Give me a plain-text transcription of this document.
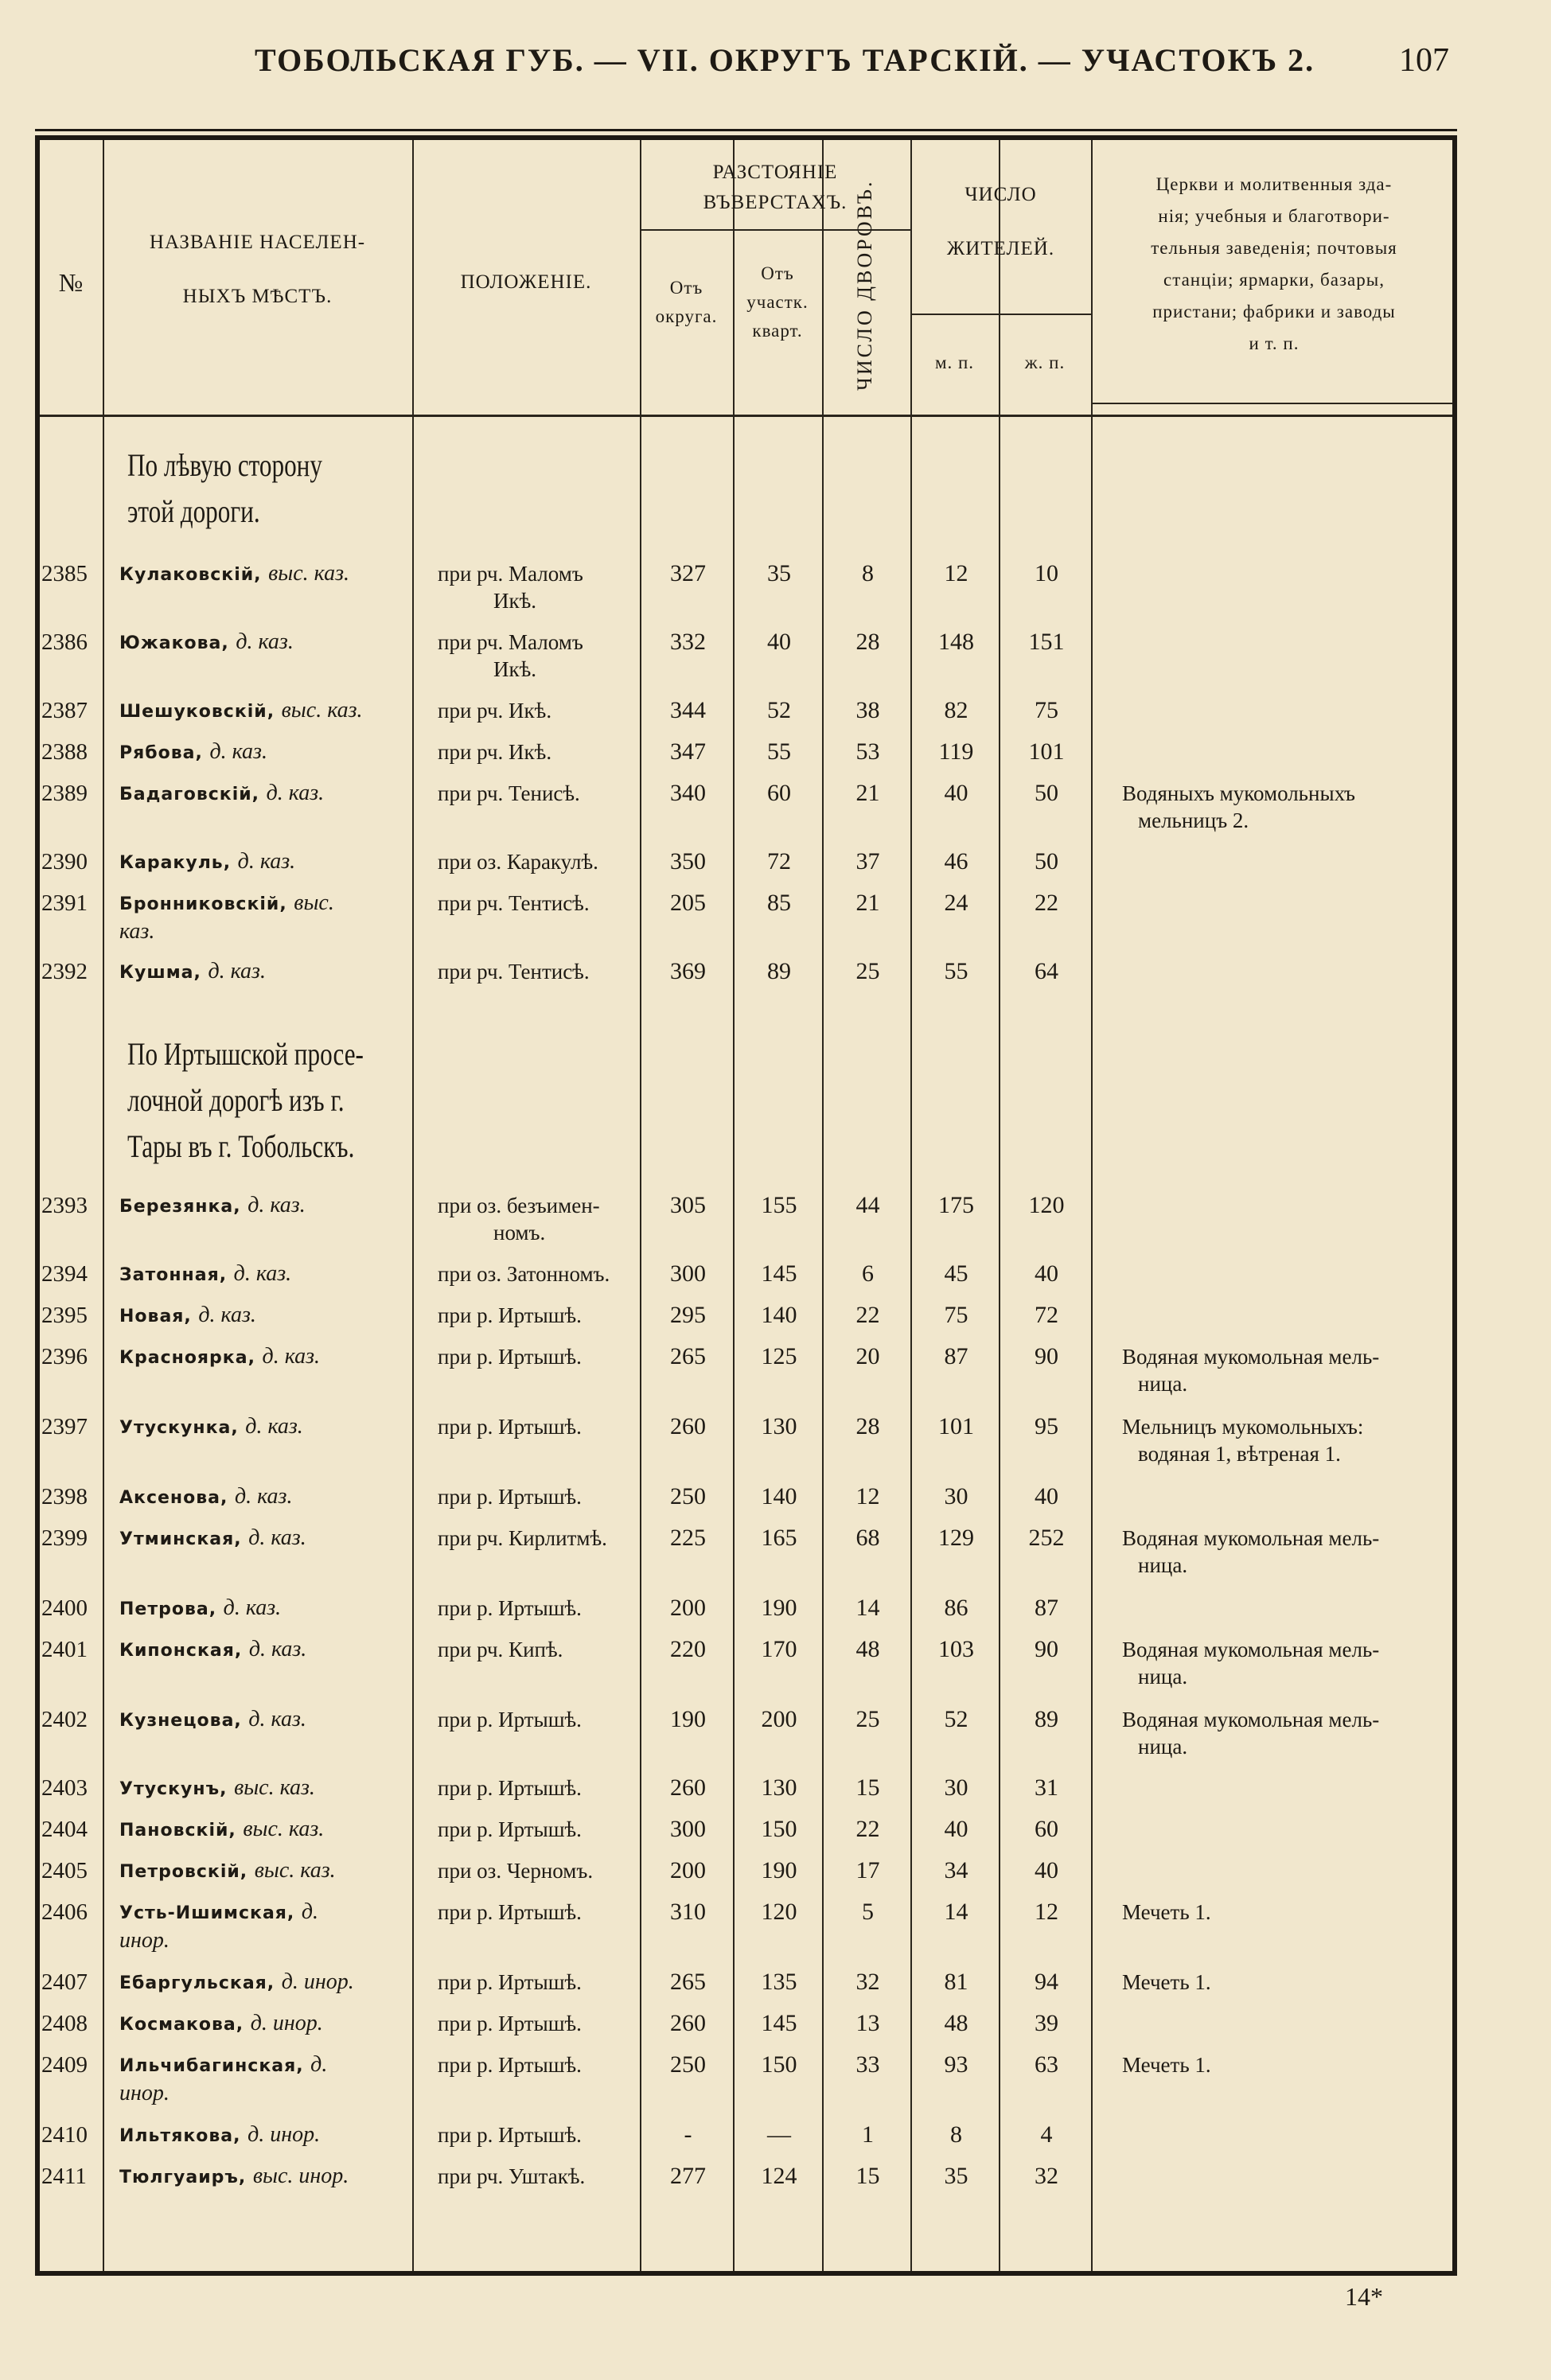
ТОБОЛЬСКАЯ ГУБ. — VII. ОКРУГЪ ТАРСКІЙ. — УЧАСТОКЪ 2.	107
№
НАЗВАНІЕ НАСЕЛЕН-
НЫХЪ МѢСТЪ.
ПОЛОЖЕНІЕ.
РАЗСТОЯНІЕ
ВЪВЕРСТАХЪ.
Отъ
округа.
Отъ
участк.
кварт.	ЧИСЛО ДВОРОВЪ.	ЧИСЛО
ЖИТЕЛЕЙ.
м. п.	ж. п.
Церкви и молитвенныя зда-
нія; учебныя и благотвори-
тельныя заведенія; почтовыя
станціи; ярмарки, базары,
пристани; фабрики и заводы
и т. п.
По лѣвую сторону
этой дороги.
По Иртышской просе-
лочной дорогѣ изъ г.
Тары въ г. Тобольскъ.
2385	Кулаковскій, выс. каз.	при рч. Маломъ
Икѣ.
327	35	8	12	10
2386	Южакова, д. каз.	при рч. Маломъ
Икѣ.
332	40	28	148	151
2387	Шешуковскій, выс. каз.	при рч. Икѣ.	344	52	38	82	75
2388	Рябова, д. каз.	при рч. Икѣ.	347	55	53	119	101
2389	Бадаговскій, д. каз.	при рч. Тенисѣ.	340	60	21	40	50	Водяныхъ мукомольныхъ
мельницъ 2.
2390	Каракуль, д. каз.	при оз. Каракулѣ.	350	72	37	46	50
2391	Бронниковскій, выс.
каз.
при рч. Тентисѣ.	205	85	21	24	22
2392	Кушма, д. каз.	при рч. Тентисѣ.	369	89	25	55	64
2393	Березянка, д. каз.	при оз. безъимен-
номъ.
305	155	44	175	120
2394	Затонная, д. каз.	при оз. Затонномъ.	300	145	6	45	40
2395	Новая, д. каз.	при р. Иртышѣ.	295	140	22	75	72
2396	Красноярка, д. каз.	при р. Иртышѣ.	265	125	20	87	90	Водяная мукомольная мель-
ница.
2397	Утускунка, д. каз.	при р. Иртышѣ.	260	130	28	101	95	Мельницъ мукомольныхъ:
водяная 1, вѣтреная 1.
2398	Аксенова, д. каз.	при р. Иртышѣ.	250	140	12	30	40
2399	Утминская, д. каз.	при рч. Кирлитмѣ.	225	165	68	129	252	Водяная мукомольная мель-
ница.
2400	Петрова, д. каз.	при р. Иртышѣ.	200	190	14	86	87
2401	Кипонская, д. каз.	при рч. Кипѣ.	220	170	48	103	90	Водяная мукомольная мель-
ница.
2402	Кузнецова, д. каз.	при р. Иртышѣ.	190	200	25	52	89	Водяная мукомольная мель-
ница.
2403	Утускунъ, выс. каз.	при р. Иртышѣ.	260	130	15	30	31
2404	Пановскій, выс. каз.	при р. Иртышѣ.	300	150	22	40	60
2405	Петровскій, выс. каз.	при оз. Черномъ.	200	190	17	34	40
2406	Усть-Ишимская, д.
инор.
при р. Иртышѣ.	310	120	5	14	12	Мечеть 1.
2407	Ебаргульская, д. инор.	при р. Иртышѣ.	265	135	32	81	94	Мечеть 1.
2408	Космакова, д. инор.	при р. Иртышѣ.	260	145	13	48	39
2409	Ильчибагинская, д.
инор.
при р. Иртышѣ.	250	150	33	93	63	Мечеть 1.
2410	Ильтякова, д. инор.	при р. Иртышѣ.	-	—	1	8	4
2411	Тюлгуаиръ, выс. инор.	при рч. Уштакѣ.	277	124	15	35	32
14*
